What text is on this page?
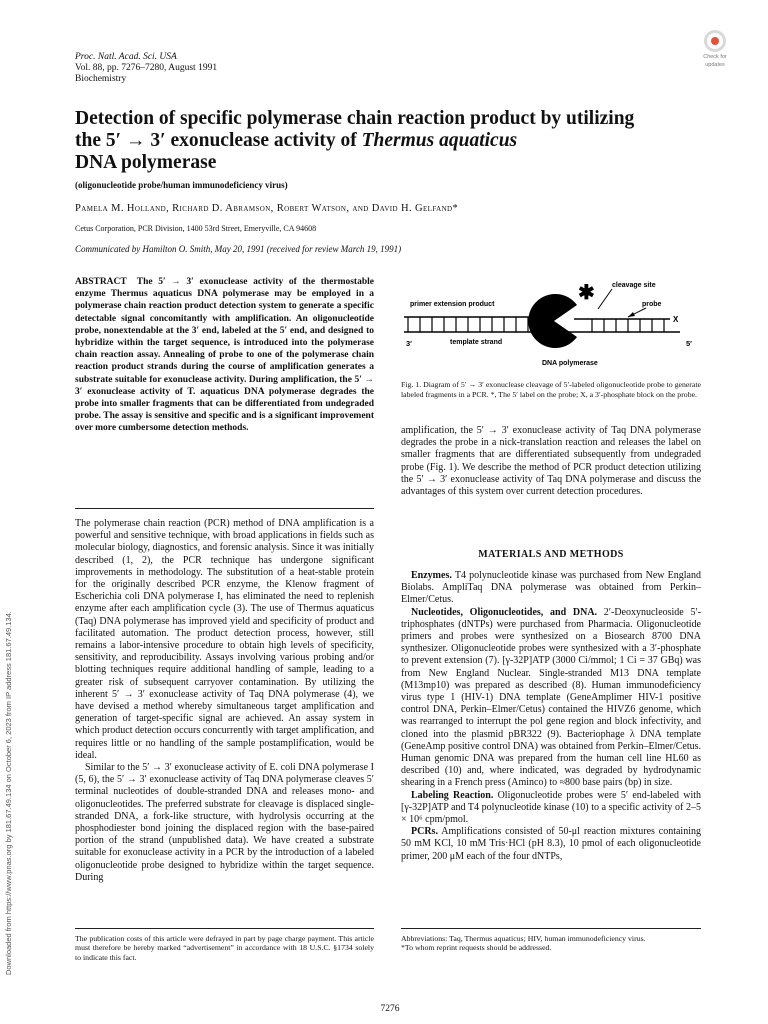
Proc. Natl. Acad. Sci. USA
Vol. 88, pp. 7276–7280, August 1991
Biochemistry
Check for
updates
Downloaded from https://www.pnas.org by 181.67.49.134 on October 6, 2023 from IP address 181.67.49.134.
Detection of specific polymerase chain reaction product by utilizing
the 5′ → 3′ exonuclease activity of Thermus aquaticus
DNA polymerase
(oligonucleotide probe/human immunodeficiency virus)
Pamela M. Holland, Richard D. Abramson, Robert Watson, and David H. Gelfand*
Cetus Corporation, PCR Division, 1400 53rd Street, Emeryville, CA 94608
Communicated by Hamilton O. Smith, May 20, 1991 (received for review March 19, 1991)
ABSTRACT The 5′ → 3′ exonuclease activity of the thermostable enzyme Thermus aquaticus DNA polymerase may be employed in a polymerase chain reaction product detection system to generate a specific detectable signal concomitantly with amplification. An oligonucleotide probe, nonextendable at the 3′ end, labeled at the 5′ end, and designed to hybridize within the target sequence, is introduced into the polymerase chain reaction assay. Annealing of probe to one of the polymerase chain reaction product strands during the course of amplification generates a substrate suitable for exonuclease activity. During amplification, the 5′ → 3′ exonuclease activity of T. aquaticus DNA polymerase degrades the probe into smaller fragments that can be differentiated from undegraded probe. The assay is sensitive and specific and is a significant improvement over more cumbersome detection methods.

The polymerase chain reaction (PCR) method of DNA amplification is a powerful and sensitive technique, with broad applications in fields such as molecular biology, diagnostics, and forensic analysis. Since it was initially described (1, 2), the PCR technique has undergone significant improvements in methodology. The substitution of a heat-stable protein for the originally described PCR enzyme, the Klenow fragment of Escherichia coli DNA polymerase I, has eliminated the need to replenish enzyme after each amplification cycle (3). The use of Thermus aquaticus (Taq) DNA polymerase has improved yield and specificity of product and facilitated automation. The product detection process, however, still remains a labor-intensive procedure to obtain high levels of specificity, sensitivity, and reproducibility. Assays involving various probing and/or blotting techniques require additional handling of sample, leading to a greater risk of subsequent carryover contamination. By utilizing the inherent 5′ → 3′ exonuclease activity of Taq DNA polymerase (4), we have devised a method whereby simultaneous target amplification and generation of target-specific signal are achieved. An assay system in which product detection occurs concurrently with target amplification, and requires little or no handling of the sample postamplification, would be ideal.

Similar to the 5′ → 3′ exonuclease activity of E. coli DNA polymerase I (5, 6), the 5′ → 3′ exonuclease activity of Taq DNA polymerase cleaves 5′ terminal nucleotides of double-stranded DNA and releases mono- and oligonucleotides. The preferred substrate for cleavage is displaced single-stranded DNA, a fork-like structure, with hydrolysis occurring at the phosphodiester bond joining the displaced region with the base-paired portion of the strand (unpublished data). We have created a substrate suitable for exonuclease activity in a PCR by the introduction of a labeled oligonucleotide probe designed to hybridize within the target sequence. During

✱ cleavage site
primer extension product	probe
X
3′	5′
template strand
DNA polymerase
Fig. 1. Diagram of 5′ → 3′ exonuclease cleavage of 5′-labeled oligonucleotide probe to generate labeled fragments in a PCR. *, The 5′ label on the probe; X, a 3′-phosphate block on the probe.

amplification, the 5′ → 3′ exonuclease activity of Taq DNA polymerase degrades the probe in a nick-translation reaction and releases the label on smaller fragments that are differentiated subsequently from undegraded probe (Fig. 1). We describe the method of PCR product detection utilizing the 5′ → 3′ exonuclease activity of Taq DNA polymerase and discuss the advantages of this system over current detection procedures.

MATERIALS AND METHODS

Enzymes. T4 polynucleotide kinase was purchased from New England Biolabs. AmpliTaq DNA polymerase was obtained from Perkin–Elmer/Cetus.

Nucleotides, Oligonucleotides, and DNA. 2′-Deoxynucleoside 5′-triphosphates (dNTPs) were purchased from Pharmacia. Oligonucleotide primers and probes were synthesized on a Biosearch 8700 DNA synthesizer. Oligonucleotide probes were synthesized with a 3′-phosphate to prevent extension (7). [γ-32P]ATP (3000 Ci/mmol; 1 Ci = 37 GBq) was from New England Nuclear. Single-stranded M13 DNA template (M13mp10) was prepared as described (8). Human immunodeficiency virus type 1 (HIV-1) DNA template (GeneAmplimer HIV-1 positive control DNA, Perkin–Elmer/Cetus) contained the HIVZ6 genome, which was rearranged to interrupt the pol gene region and block infectivity, and cloned into the plasmid pBR322 (9). Bacteriophage λ DNA template (GeneAmp positive control DNA) was obtained from Perkin–Elmer/Cetus. Human genomic DNA was prepared from the human cell line HL60 as described (10) and, where indicated, was degraded by hydrodynamic shearing in a French press (Aminco) to ≈800 base pairs (bp) in size.

Labeling Reaction. Oligonucleotide probes were 5′ end-labeled with [γ-32P]ATP and T4 polynucleotide kinase (10) to a specific activity of 2–5 × 10⁶ cpm/pmol.

PCRs. Amplifications consisted of 50-μl reaction mixtures containing 50 mM KCl, 10 mM Tris·HCl (pH 8.3), 10 pmol of each oligonucleotide primer, 200 μM each of the four dNTPs,

The publication costs of this article were defrayed in part by page charge payment. This article must therefore be hereby marked “advertisement” in accordance with 18 U.S.C. §1734 solely to indicate this fact.
Abbreviations: Taq, Thermus aquaticus; HIV, human immunodeficiency virus.
*To whom reprint requests should be addressed.
7276
